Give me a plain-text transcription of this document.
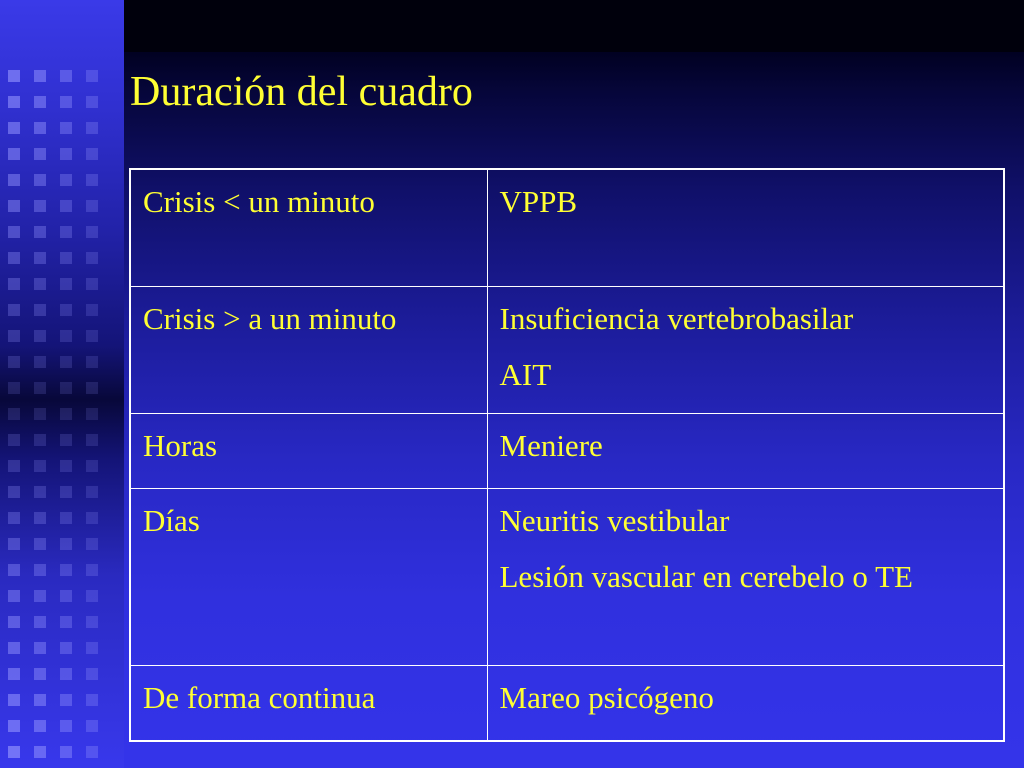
Duración del cuadro
Crisis < un minuto	VPPB

Crisis > a un minuto	Insuficiencia vertebrobasilar

AIT

Horas	Meniere

Días	Neuritis vestibular

Lesión vascular en cerebelo o TE

De forma continua	Mareo psicógeno
